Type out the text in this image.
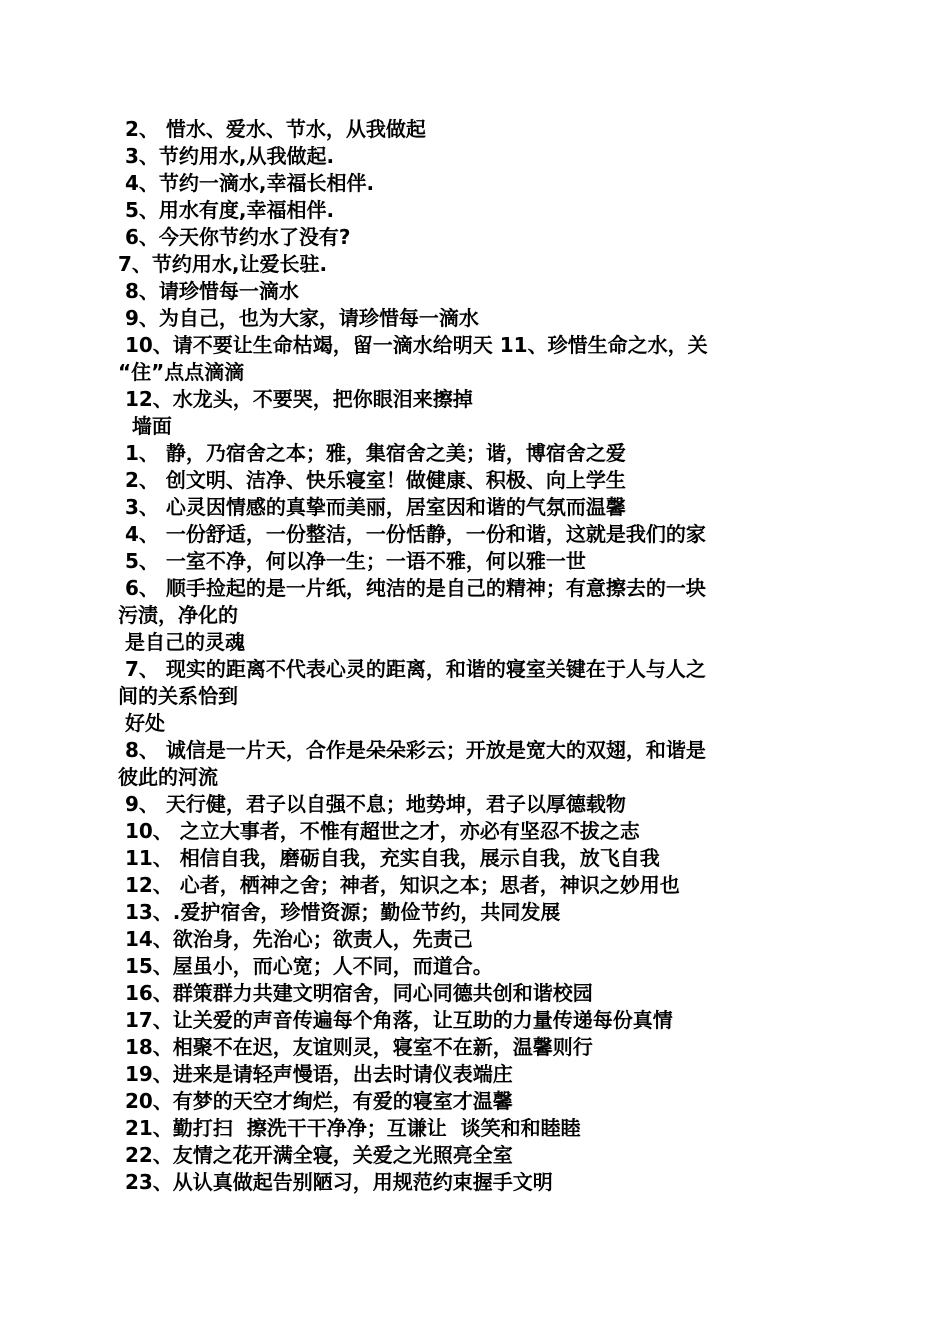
2、 惜水、爱水、节水，从我做起

3、节约用水,从我做起.

4、节约一滴水,幸福长相伴.

5、用水有度,幸福相伴.

6、今天你节约水了没有?

7、节约用水,让爱长驻.

8、请珍惜每一滴水

9、为自己，也为大家，请珍惜每一滴水

10、请不要让生命枯竭，留一滴水给明天 11、珍惜生命之水，关

“住”点点滴滴

12、水龙头，不要哭，把你眼泪来擦掉

墙面

1、 静，乃宿舍之本；雅，集宿舍之美；谐，博宿舍之爱

2、 创文明、洁净、快乐寝室！做健康、积极、向上学生

3、 心灵因情感的真挚而美丽，居室因和谐的气氛而温馨

4、 一份舒适，一份整洁，一份恬静，一份和谐，这就是我们的家

5、 一室不净，何以净一生；一语不雅，何以雅一世

6、 顺手捡起的是一片纸，纯洁的是自己的精神；有意擦去的一块

污渍，净化的

是自己的灵魂

7、 现实的距离不代表心灵的距离，和谐的寝室关键在于人与人之

间的关系恰到

好处

8、 诚信是一片天，合作是朵朵彩云；开放是宽大的双翅，和谐是

彼此的河流

9、 天行健，君子以自强不息；地势坤，君子以厚德载物

10、 之立大事者，不惟有超世之才，亦必有坚忍不拔之志

11、 相信自我，磨砺自我，充实自我，展示自我，放飞自我

12、 心者，栖神之舍；神者，知识之本；思者，神识之妙用也

13、.爱护宿舍，珍惜资源；勤俭节约，共同发展

14、欲治身，先治心；欲责人，先责己

15、屋虽小，而心宽；人不同，而道合。

16、群策群力共建文明宿舍，同心同德共创和谐校园

17、让关爱的声音传遍每个角落，让互助的力量传递每份真情

18、相聚不在迟，友谊则灵，寝室不在新，温馨则行

19、进来是请轻声慢语，出去时请仪表端庄

20、有梦的天空才绚烂，有爱的寝室才温馨

21、勤打扫  擦洗干干净净；互谦让  谈笑和和睦睦

22、友情之花开满全寝，关爱之光照亮全室

23、从认真做起告别陋习，用规范约束握手文明
